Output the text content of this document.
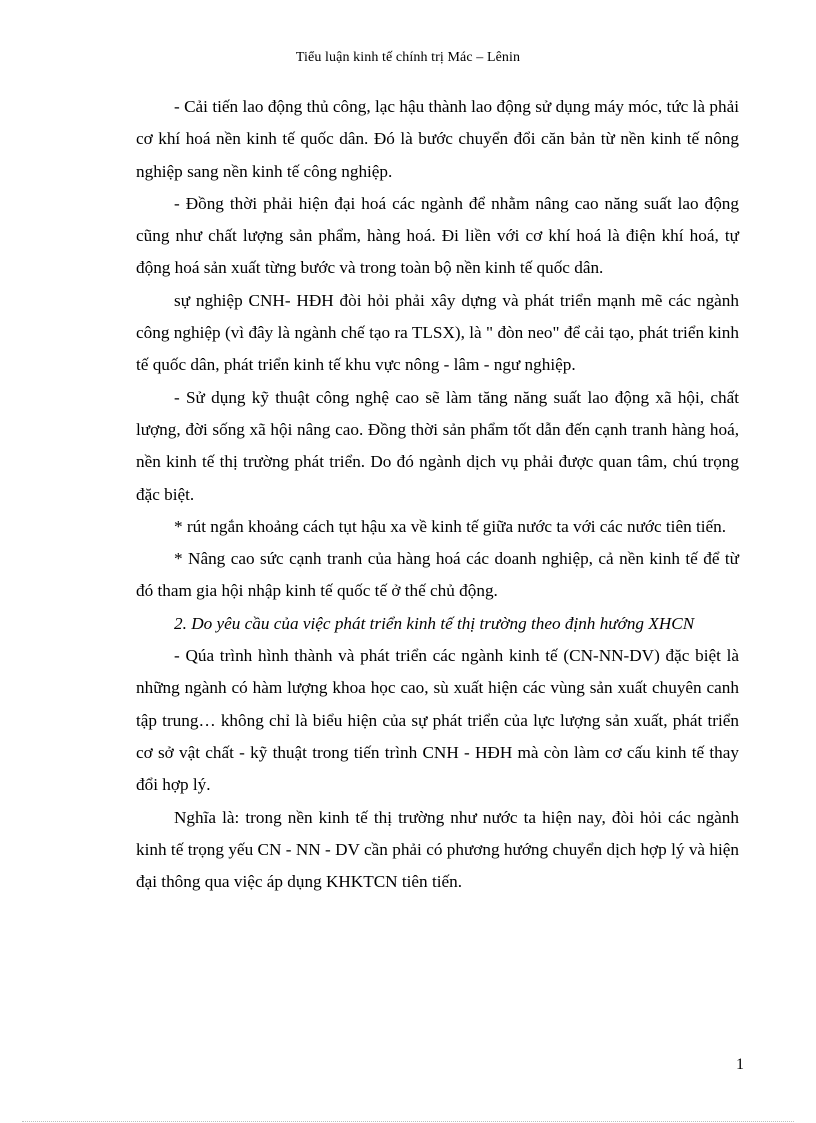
Tiểu luận kinh tế chính trị Mác – Lênin

- Cải tiến lao động thủ công, lạc hậu thành lao động sử dụng máy móc, tức là phải cơ khí hoá nền kinh tế quốc dân. Đó là bước chuyển đổi căn bản từ nền kinh tế nông nghiệp sang nền kinh tế công nghiệp.

- Đồng thời phải hiện đại hoá các ngành để nhằm nâng cao năng suất lao động cũng như chất lượng sản phẩm, hàng hoá. Đi liền với cơ khí hoá là điện khí hoá, tự động hoá sản xuất từng bước và trong toàn bộ nền kinh tế quốc dân.

sự nghiệp CNH- HĐH đòi hỏi phải xây dựng và phát triển mạnh mẽ các ngành công nghiệp (vì đây là ngành chế tạo ra TLSX), là " đòn neo" để cải tạo, phát triển kinh tế quốc dân, phát triển kinh tế khu vực nông - lâm - ngư nghiệp.

- Sử dụng kỹ thuật công nghệ cao sẽ làm tăng năng suất lao động xã hội, chất lượng, đời sống xã hội nâng cao. Đồng thời sản phẩm tốt dẫn đến cạnh tranh hàng hoá, nền kinh tế thị trường phát triển. Do đó ngành dịch vụ phải được quan tâm, chú trọng đặc biệt.

* rút ngắn khoảng cách tụt hậu xa về kinh tế giữa nước ta với các nước tiên tiến.

* Nâng cao sức cạnh tranh của hàng hoá các doanh nghiệp, cả nền kinh tế để từ đó tham gia hội nhập kinh tế quốc tế ở thế chủ động.

2. Do yêu cầu của việc phát triển kinh tế thị trường theo định hướng XHCN

- Qúa trình hình thành và phát triển các ngành kinh tế (CN-NN-DV) đặc biệt là những ngành có hàm lượng khoa học cao, sù xuất hiện các vùng sản xuất chuyên canh tập trung… không chỉ là biểu hiện của sự phát triển của lực lượng sản xuất, phát triển cơ sở vật chất - kỹ thuật trong tiến trình CNH - HĐH mà còn làm cơ cấu kinh tế thay đổi hợp lý.

Nghĩa là: trong nền kinh tế thị trường như nước ta hiện nay, đòi hỏi các ngành kinh tế trọng yếu CN - NN - DV cần phải có phương hướng chuyển dịch hợp lý và hiện đại thông qua việc áp dụng KHKTCN tiên tiến.

1
